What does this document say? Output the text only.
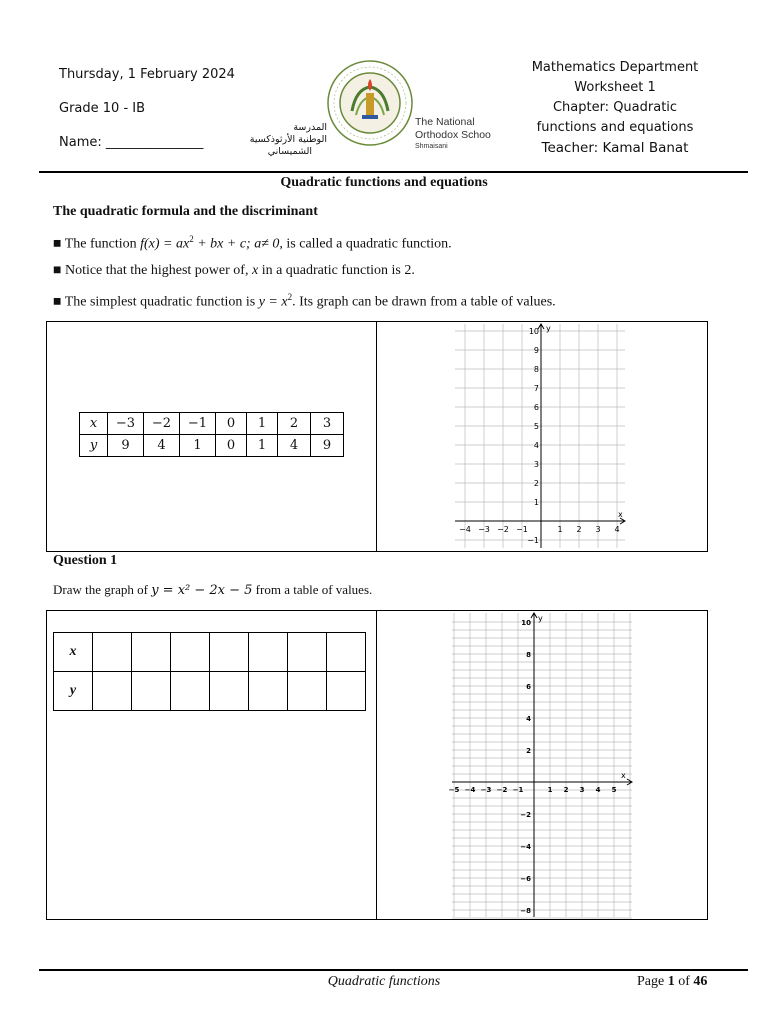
Thursday, 1 February 2024
Grade 10 - IB
Name: _______________
المدرسة
الوطنية الأرثوذكسية
الشميساني
The National
Orthodox Schoo
Shmaisani
Mathematics Department
Worksheet 1
Chapter: Quadratic
functions and equations
Teacher: Kamal Banat
Quadratic functions and equations
The quadratic formula and the discriminant
■ The function $f(x) = ax^2$ + bx + c; a≠ 0, is called a quadratic function.
■ Notice that the highest power of, x in a quadratic function is 2.
■ The simplest quadratic function is $y = x^2$. Its graph can be drawn from a table of values.
x	−3	−2	−1	0	1	2	3
y	9	4	1	0	1	4	9
y
x
10
9
8
7
6
5
4
3
2
1
−1
−4 −3 −2 −1	1 2 3 4
Question 1
Draw the graph of y = x² − 2x − 5 from a table of values.
x							
y							
y
x
10
8
6
4
2
−2
−4
−6
−8
−5 −4 −3 −2 −1	1 2 3 4 5
Quadratic functions	Page 1 of 46
